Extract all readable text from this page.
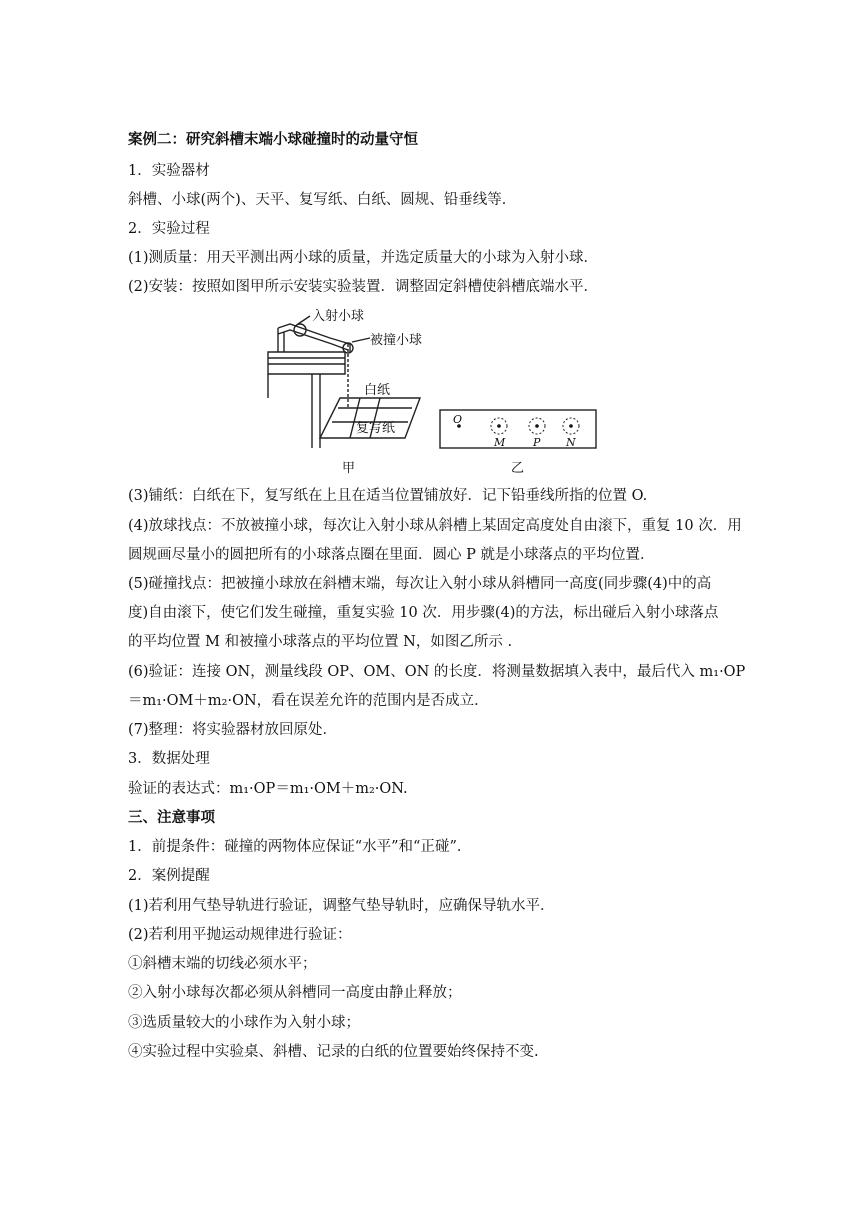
案例二：研究斜槽末端小球碰撞时的动量守恒
1．实验器材
斜槽、小球(两个)、天平、复写纸、白纸、圆规、铅垂线等．
2．实验过程
(1)测质量：用天平测出两小球的质量，并选定质量大的小球为入射小球．
(2)安装：按照如图甲所示安装实验装置．调整固定斜槽使斜槽底端水平．
入射小球
被撞小球
白纸
复写纸
甲
O
M	P N
乙
(3)铺纸：白纸在下，复写纸在上且在适当位置铺放好．记下铅垂线所指的位置 O.
(4)放球找点：不放被撞小球，每次让入射小球从斜槽上某固定高度处自由滚下，重复 10 次．用
圆规画尽量小的圆把所有的小球落点圈在里面．圆心 P 就是小球落点的平均位置．
(5)碰撞找点：把被撞小球放在斜槽末端，每次让入射小球从斜槽同一高度(同步骤(4)中的高
度)自由滚下，使它们发生碰撞，重复实验 10 次．用步骤(4)的方法，标出碰后入射小球落点
的平均位置 M 和被撞小球落点的平均位置 N，如图乙所示 .
(6)验证：连接 ON，测量线段 OP、OM、ON 的长度．将测量数据填入表中，最后代入 m₁·OP
＝m₁·OM＋m₂·ON，看在误差允许的范围内是否成立．
(7)整理：将实验器材放回原处．
3．数据处理
验证的表达式：m₁·OP＝m₁·OM＋m₂·ON.
三、注意事项
1．前提条件：碰撞的两物体应保证“水平”和“正碰”．
2．案例提醒
(1)若利用气垫导轨进行验证，调整气垫导轨时，应确保导轨水平．
(2)若利用平抛运动规律进行验证：
①斜槽末端的切线必须水平；
②入射小球每次都必须从斜槽同一高度由静止释放；
③选质量较大的小球作为入射小球；
④实验过程中实验桌、斜槽、记录的白纸的位置要始终保持不变.
